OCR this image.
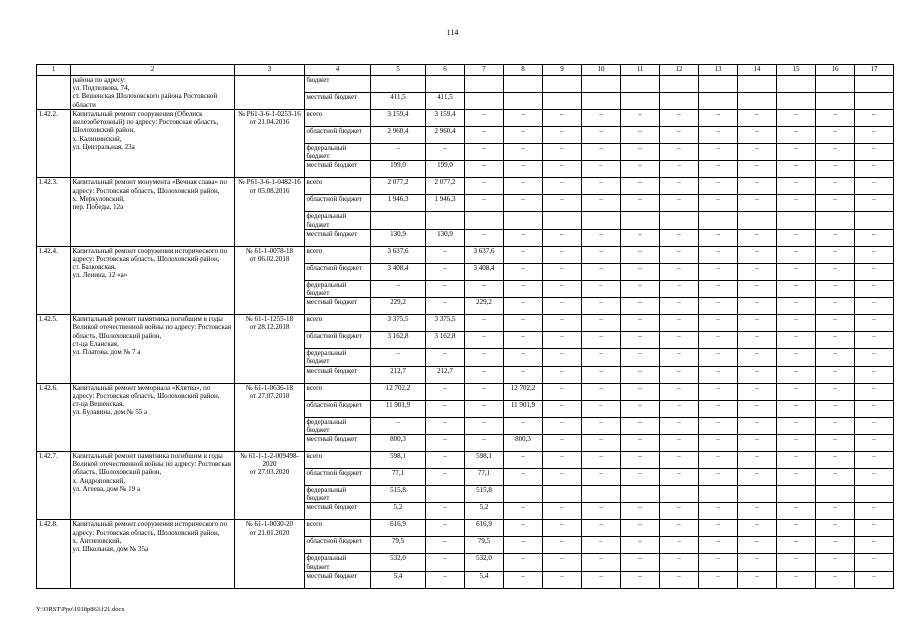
114
1	2	3	4	5	6	7	8	9	10	11	12	13	14	15	16	17
	района по адресу:
ул. Подтелкова, 74,
ст. Вешенская Шолоховского района Ростовской области		бюджет													
			местный бюджет	411,5	411,5											
1.42.2.	Капитальный ремонт сооружения (Обелиск железобетонный) по адресу: Ростовская область, Шолоховский район,
х. Калининский,
ул. Центральная, 23а	№ Р61-3-6-1-0253-16
от 21.04.2016	всего	3 159,4	3 159,4	–	–	–	–	–	–	–	–	–	–	–
			областной бюджет	2 960,4	2 960,4	–	–	–	–	–	–	–	–	–	–	–
			федеральный бюджет	–	–	–	–	–	–	–	–	–	–	–	–	–
			местный бюджет	199,0	199,0	–	–	–	–	–	–	–	–	–	–	–
1.42.3.	Капитальный ремонт монумента «Вечная слава» по адресу: Ростовская область, Шолоховский район,
х. Меркуловский,
пер. Победы, 12а	№ Р61-3-6-1-0482-16
от 05.08.2016	всего	2 077,2	2 077,2	–	–	–	–	–	–	–	–	–	–	–
			областной бюджет	1 946,3	1 946,3	–	–	–	–	–	–	–	–	–	–	–
			федеральный бюджет													
			местный бюджет	130,9	130,9	–	–	–	–	–	–	–	–	–	–	–
1.42.4.	Капитальный ремонт сооружения исторического по адресу: Ростовская область, Шолоховский район,
ст. Базковская,
ул. Ленина, 12 «а»	№ 61-1-0078-18
от 06.02.2018	всего	3 637,6	–	3 637,6	–	–	–	–	–	–	–	–	–	–
			областной бюджет	3 408,4	–	3 408,4	–	–	–	–	–	–	–	–	–	–
			федеральный бюджет	–	–	–	–	–	–	–	–	–	–	–	–	–
			местный бюджет	229,2	–	229,2	–	–	–	–	–	–	–	–	–	–
1.42.5.	Капитальный ремонт памятника погибшим в годы Великой отечественной войны по адресу: Ростовская область, Шолоховский район,
ст-ца Еланская,
ул. Платова, дом № 7 а	№ 61-1-1255-18
от 28.12.2018	всего	3 375,5	3 375,5	–	–	–	–	–	–	–	–	–	–	–
			областной бюджет	3 162,8	3 162,8	–	–	–	–	–	–	–	–	–	–	–
			федеральный бюджет	–	–	–	–	–	–	–	–	–	–	–	–	–
			местный бюджет	212,7	212,7	–	–	–	–	–	–	–	–	–	–	–
1.42.6.	Капитальный ремонт мемориала «Клятва», по адресу: Ростовская область, Шолоховский район,
ст-ца Вешенская,
ул. Булавина, дом № 55 а	№ 61-1-0636-18
от 27.07.2018	всего	12 702,2	–	–	12 702,2	–	–	–	–	–	–	–	–	–
			областной бюджет	11 901,9	–	–	11 901,9	–	–	–	–	–	–	–	–	–
			федеральный бюджет	–	–	–	–	–	–	–	–	–	–	–	–	–
			местный бюджет	800,3	–	–	800,3	–	–	–	–	–	–	–	–	–
1.42.7.	Капитальный ремонт памятника погибшим в годы Великой отечественной войны по адресу: Ростовская область, Шолоховский район,
х. Андроповский,
ул. Агеева, дом № 19 а	№ 61-1-1-2-009498-2020
от 27.03.2020	всего	598,1	–	598,1	–	–	–	–	–	–	–	–	–	–
			областной бюджет	77,1	–	77,1	–	–	–	–	–	–	–	–	–	–
			федеральный бюджет	515,8		515,8										
			местный бюджет	5,2	–	5,2	–	–	–	–	–	–	–	–	–	–
1.42.8.	Капитальный ремонт сооружения исторического по адресу: Ростовская область, Шолоховский район,
х. Антиповский,
ул. Школьная, дом № 35а	№ 61-1-0030-20
от 21.01.2020	всего	616,9	–	616,9	–	–	–	–	–	–	–	–	–	–
			областной бюджет	79,5	–	79,5	–	–	–	–	–	–	–	–	–	–
			федеральный бюджет	532,0	–	532,0	–	–	–	–	–	–	–	–	–	–
			местный бюджет	5,4	–	5,4	–	–	–	–	–	–	–	–	–	–
Y:\ORST\Ppo\1018p863.f21.docx
